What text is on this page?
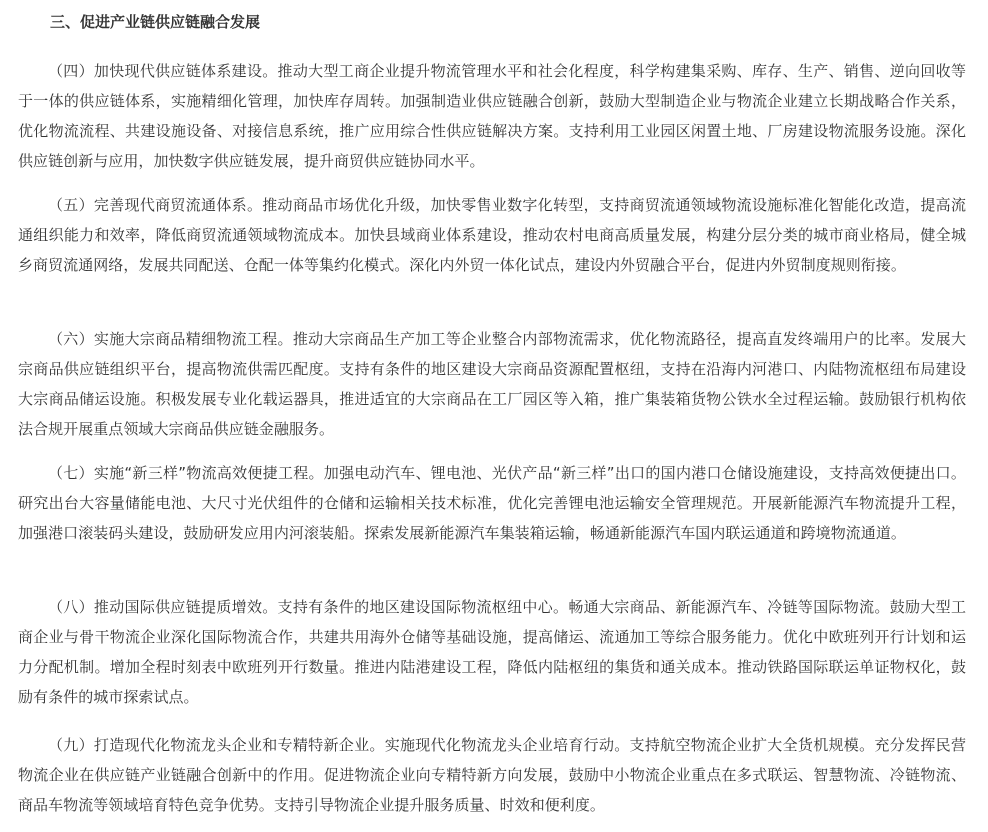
三、促进产业链供应链融合发展

（四）加快现代供应链体系建设。推动大型工商企业提升物流管理水平和社会化程度，科学构建集采购、库存、生产、销售、逆向回收等于一体的供应链体系，实施精细化管理，加快库存周转。加强制造业供应链融合创新，鼓励大型制造企业与物流企业建立长期战略合作关系，优化物流流程、共建设施设备、对接信息系统，推广应用综合性供应链解决方案。支持利用工业园区闲置土地、厂房建设物流服务设施。深化供应链创新与应用，加快数字供应链发展，提升商贸供应链协同水平。

（五）完善现代商贸流通体系。推动商品市场优化升级，加快零售业数字化转型，支持商贸流通领域物流设施标准化智能化改造，提高流通组织能力和效率，降低商贸流通领域物流成本。加快县域商业体系建设，推动农村电商高质量发展，构建分层分类的城市商业格局，健全城乡商贸流通网络，发展共同配送、仓配一体等集约化模式。深化内外贸一体化试点，建设内外贸融合平台，促进内外贸制度规则衔接。

（六）实施大宗商品精细物流工程。推动大宗商品生产加工等企业整合内部物流需求，优化物流路径，提高直发终端用户的比率。发展大宗商品供应链组织平台，提高物流供需匹配度。支持有条件的地区建设大宗商品资源配置枢纽，支持在沿海内河港口、内陆物流枢纽布局建设大宗商品储运设施。积极发展专业化载运器具，推进适宜的大宗商品在工厂园区等入箱，推广集装箱货物公铁水全过程运输。鼓励银行机构依法合规开展重点领域大宗商品供应链金融服务。

（七）实施“新三样”物流高效便捷工程。加强电动汽车、锂电池、光伏产品“新三样”出口的国内港口仓储设施建设，支持高效便捷出口。研究出台大容量储能电池、大尺寸光伏组件的仓储和运输相关技术标准，优化完善锂电池运输安全管理规范。开展新能源汽车物流提升工程，加强港口滚装码头建设，鼓励研发应用内河滚装船。探索发展新能源汽车集装箱运输，畅通新能源汽车国内联运通道和跨境物流通道。

（八）推动国际供应链提质增效。支持有条件的地区建设国际物流枢纽中心。畅通大宗商品、新能源汽车、冷链等国际物流。鼓励大型工商企业与骨干物流企业深化国际物流合作，共建共用海外仓储等基础设施，提高储运、流通加工等综合服务能力。优化中欧班列开行计划和运力分配机制。增加全程时刻表中欧班列开行数量。推进内陆港建设工程，降低内陆枢纽的集货和通关成本。推动铁路国际联运单证物权化，鼓励有条件的城市探索试点。

（九）打造现代化物流龙头企业和专精特新企业。实施现代化物流龙头企业培育行动。支持航空物流企业扩大全货机规模。充分发挥民营物流企业在供应链产业链融合创新中的作用。促进物流企业向专精特新方向发展，鼓励中小物流企业重点在多式联运、智慧物流、冷链物流、商品车物流等领域培育特色竞争优势。支持引导物流企业提升服务质量、时效和便利度。
